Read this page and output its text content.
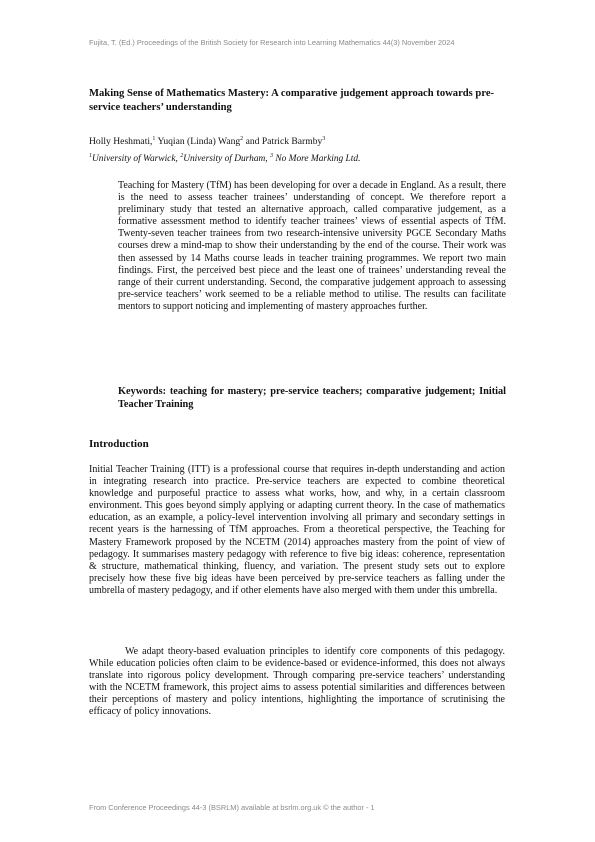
Fujita, T. (Ed.) Proceedings of the British Society for Research into Learning Mathematics 44(3) November 2024
Making Sense of Mathematics Mastery: A comparative judgement approach towards pre-service teachers’ understanding
Holly Heshmati,$^1$ Yuqian (Linda) Wang$^2$ and Patrick Barmby$^3$
$^1$University of Warwick, $^2$University of Durham, $^3$ No More Marking Ltd.

Teaching for Mastery (TfM) has been developing for over a decade in England. As a result, there is the need to assess teacher trainees’ understanding of concept. We therefore report a preliminary study that tested an alternative approach, called comparative judgement, as a formative assessment method to identify teacher trainees’ views of essential aspects of TfM. Twenty-seven teacher trainees from two research-intensive university PGCE Secondary Maths courses drew a mind-map to show their understanding by the end of the course. Their work was then assessed by 14 Maths course leads in teacher training programmes. We report two main findings. First, the perceived best piece and the least one of trainees’ understanding reveal the range of their current understanding. Second, the comparative judgement approach to assessing pre-service teachers’ work seemed to be a reliable method to utilise. The results can facilitate mentors to support noticing and implementing of mastery approaches further.

Keywords: teaching for mastery; pre-service teachers; comparative judgement; Initial Teacher Training

Introduction

Initial Teacher Training (ITT) is a professional course that requires in-depth understanding and action in integrating research into practice. Pre-service teachers are expected to combine theoretical knowledge and purposeful practice to assess what works, how, and why, in a certain classroom environment. This goes beyond simply applying or adapting current theory. In the case of mathematics education, as an example, a policy-level intervention involving all primary and secondary settings in recent years is the harnessing of TfM approaches. From a theoretical perspective, the Teaching for Mastery Framework proposed by the NCETM (2014) approaches mastery from the point of view of pedagogy. It summarises mastery pedagogy with reference to five big ideas: coherence, representation & structure, mathematical thinking, fluency, and variation. The present study sets out to explore precisely how these five big ideas have been perceived by pre-service teachers as falling under the umbrella of mastery pedagogy, and if other elements have also merged with them under this umbrella.

We adapt theory-based evaluation principles to identify core components of this pedagogy. While education policies often claim to be evidence-based or evidence-informed, this does not always translate into rigorous policy development. Through comparing pre-service teachers’ understanding with the NCETM framework, this project aims to assess potential similarities and differences between their perceptions of mastery and policy intentions, highlighting the importance of scrutinising the efficacy of policy innovations.

From Conference Proceedings 44-3 (BSRLM) available at bsrlm.org.uk © the author - 1
